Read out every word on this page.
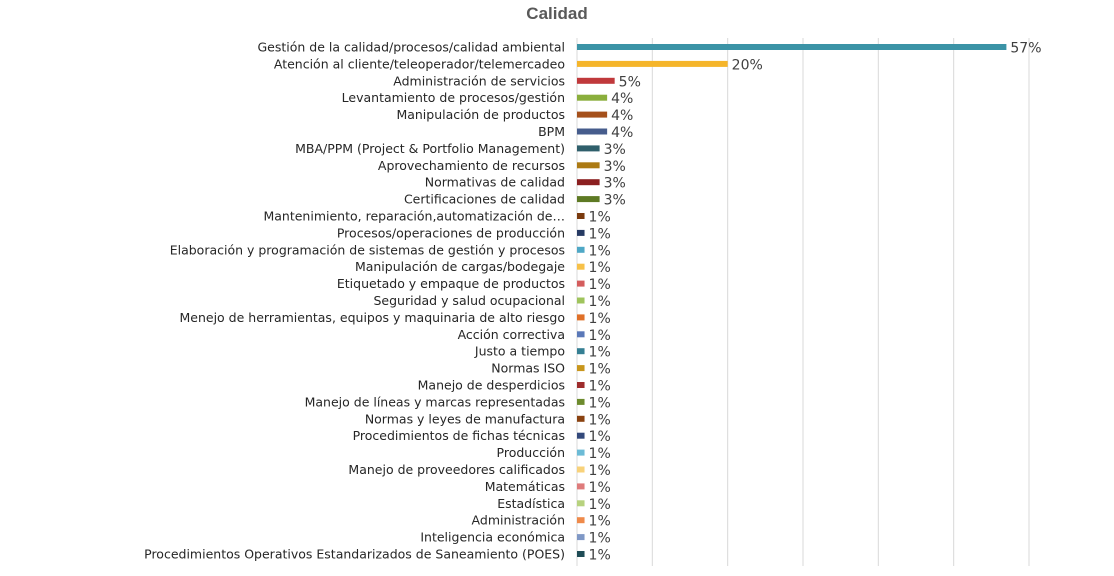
Calidad
Gestión de la calidad/procesos/calidad ambiental	57%
Atención al cliente/teleoperador/telemercadeo	20%
Administración de servicios	5%
Levantamiento de procesos/gestión	4%
Manipulación de productos	4%
BPM	4%
MBA/PPM (Project & Portfolio Management)	3%
Aprovechamiento de recursos	3%
Normativas de calidad	3%
Certificaciones de calidad	3%
Mantenimiento, reparación,automatización de… 1%
Procesos/operaciones de producción 1%
Elaboración y programación de sistemas de gestión y procesos 1%
Manipulación de cargas/bodegaje 1%
Etiquetado y empaque de productos 1%
Seguridad y salud ocupacional 1%
Menejo de herramientas, equipos y maquinaria de alto riesgo 1%
Acción correctiva 1%
Justo a tiempo 1%
Normas ISO 1%
Manejo de desperdicios 1%
Manejo de líneas y marcas representadas 1%
Normas y leyes de manufactura 1%
Procedimientos de fichas técnicas 1%
Producción 1%
Manejo de proveedores calificados 1%
Matemáticas 1%
Estadística 1%
Administración 1%
Inteligencia económica 1%
Procedimientos Operativos Estandarizados de Saneamiento (POES) 1%
